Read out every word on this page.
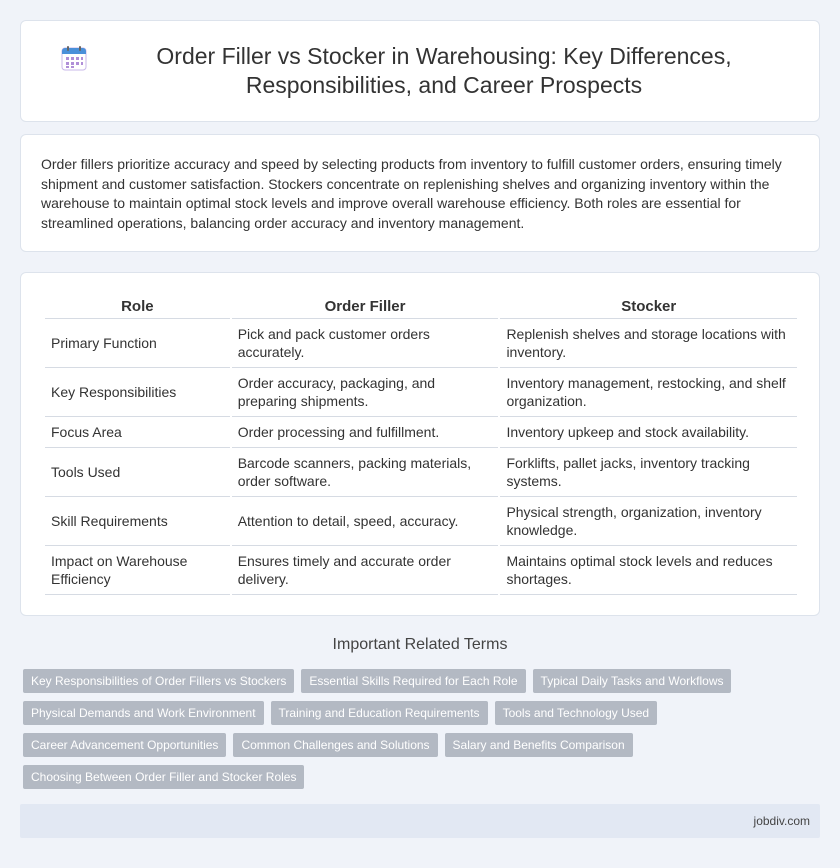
Order Filler vs Stocker in Warehousing: Key Differences, Responsibilities, and Career Prospects

Order fillers prioritize accuracy and speed by selecting products from inventory to fulfill customer orders, ensuring timely shipment and customer satisfaction. Stockers concentrate on replenishing shelves and organizing inventory within the warehouse to maintain optimal stock levels and improve overall warehouse efficiency. Both roles are essential for streamlined operations, balancing order accuracy and inventory management.

Role	Order Filler	Stocker
Primary Function	Pick and pack customer orders accurately.	Replenish shelves and storage locations with inventory.
Key Responsibilities	Order accuracy, packaging, and preparing shipments.	Inventory management, restocking, and shelf organization.
Focus Area	Order processing and fulfillment.	Inventory upkeep and stock availability.
Tools Used	Barcode scanners, packing materials, order software.	Forklifts, pallet jacks, inventory tracking systems.
Skill Requirements	Attention to detail, speed, accuracy.	Physical strength, organization, inventory knowledge.
Impact on Warehouse Efficiency	Ensures timely and accurate order delivery.	Maintains optimal stock levels and reduces shortages.
Important Related Terms
Key Responsibilities of Order Fillers vs Stockers	Essential Skills Required for Each Role	Typical Daily Tasks and Workflows
Physical Demands and Work Environment	Training and Education Requirements	Tools and Technology Used
Career Advancement Opportunities	Common Challenges and Solutions	Salary and Benefits Comparison
Choosing Between Order Filler and Stocker Roles
jobdiv.com
